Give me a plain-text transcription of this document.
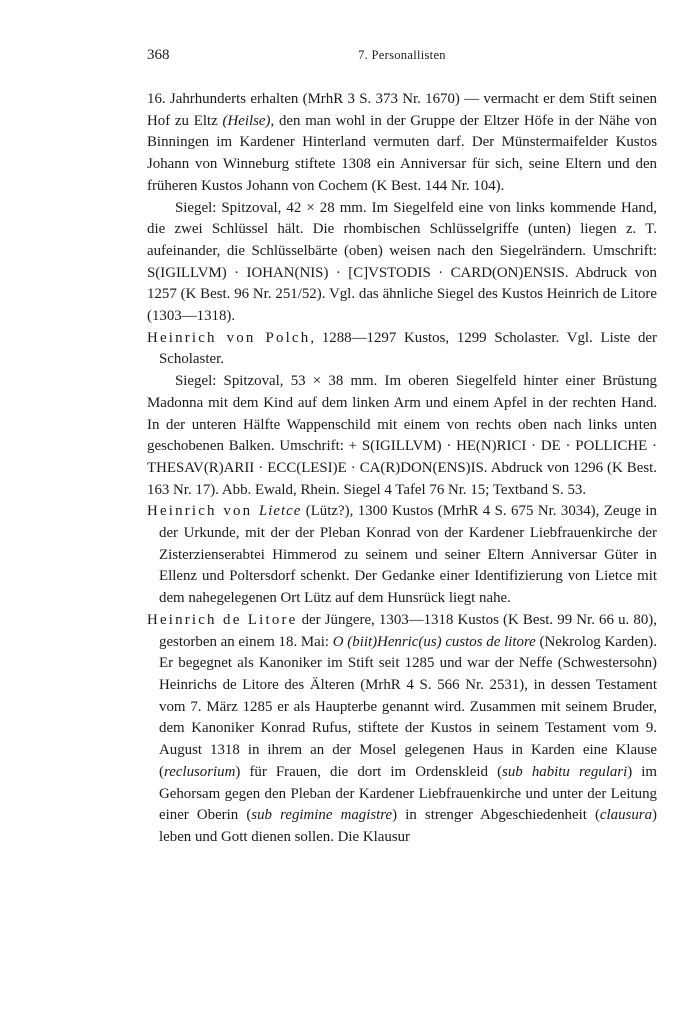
368	7. Personallisten

16. Jahrhunderts erhalten (MrhR 3 S. 373 Nr. 1670) — vermacht er dem Stift seinen Hof zu Eltz (Heilse), den man wohl in der Gruppe der Eltzer Höfe in der Nähe von Binningen im Kardener Hinterland vermuten darf. Der Münstermaifelder Kustos Johann von Winneburg stiftete 1308 ein Anniversar für sich, seine Eltern und den früheren Kustos Johann von Cochem (K Best. 144 Nr. 104).

Siegel: Spitzoval, 42 × 28 mm. Im Siegelfeld eine von links kommende Hand, die zwei Schlüssel hält. Die rhombischen Schlüsselgriffe (unten) liegen z. T. aufeinander, die Schlüsselbärte (oben) weisen nach den Siegelrändern. Umschrift: S(IGILLVM) · IOHAN(NIS) · [C]VSTODIS · CARD(ON)ENSIS. Abdruck von 1257 (K Best. 96 Nr. 251/52). Vgl. das ähnliche Siegel des Kustos Heinrich de Litore (1303—1318).

Heinrich von Polch, 1288—1297 Kustos, 1299 Scholaster. Vgl. Liste der Scholaster.

Siegel: Spitzoval, 53 × 38 mm. Im oberen Siegelfeld hinter einer Brüstung Madonna mit dem Kind auf dem linken Arm und einem Apfel in der rechten Hand. In der unteren Hälfte Wappenschild mit einem von rechts oben nach links unten geschobenen Balken. Umschrift: + S(IGILLVM) · HE(N)RICI · DE · POLLICHE · THESAV(R)ARII · ECC(LESI)E · CA(R)DON(ENS)IS. Abdruck von 1296 (K Best. 163 Nr. 17). Abb. Ewald, Rhein. Siegel 4 Tafel 76 Nr. 15; Textband S. 53.

Heinrich von Lietce (Lütz?), 1300 Kustos (MrhR 4 S. 675 Nr. 3034), Zeuge in der Urkunde, mit der der Pleban Konrad von der Kardener Liebfrauenkirche der Zisterzienserabtei Himmerod zu seinem und seiner Eltern Anniversar Güter in Ellenz und Poltersdorf schenkt. Der Gedanke einer Identifizierung von Lietce mit dem nahegelegenen Ort Lütz auf dem Hunsrück liegt nahe.

Heinrich de Litore der Jüngere, 1303—1318 Kustos (K Best. 99 Nr. 66 u. 80), gestorben an einem 18. Mai: O (biit)Henric(us) custos de litore (Nekrolog Karden). Er begegnet als Kanoniker im Stift seit 1285 und war der Neffe (Schwestersohn) Heinrichs de Litore des Älteren (MrhR 4 S. 566 Nr. 2531), in dessen Testament vom 7. März 1285 er als Haupterbe genannt wird. Zusammen mit seinem Bruder, dem Kanoniker Konrad Rufus, stiftete der Kustos in seinem Testament vom 9. August 1318 in ihrem an der Mosel gelegenen Haus in Karden eine Klause (reclusorium) für Frauen, die dort im Ordenskleid (sub habitu regulari) im Gehorsam gegen den Pleban der Kardener Liebfrauenkirche und unter der Leitung einer Oberin (sub regimine magistre) in strenger Abgeschiedenheit (clausura) leben und Gott dienen sollen. Die Klausur
